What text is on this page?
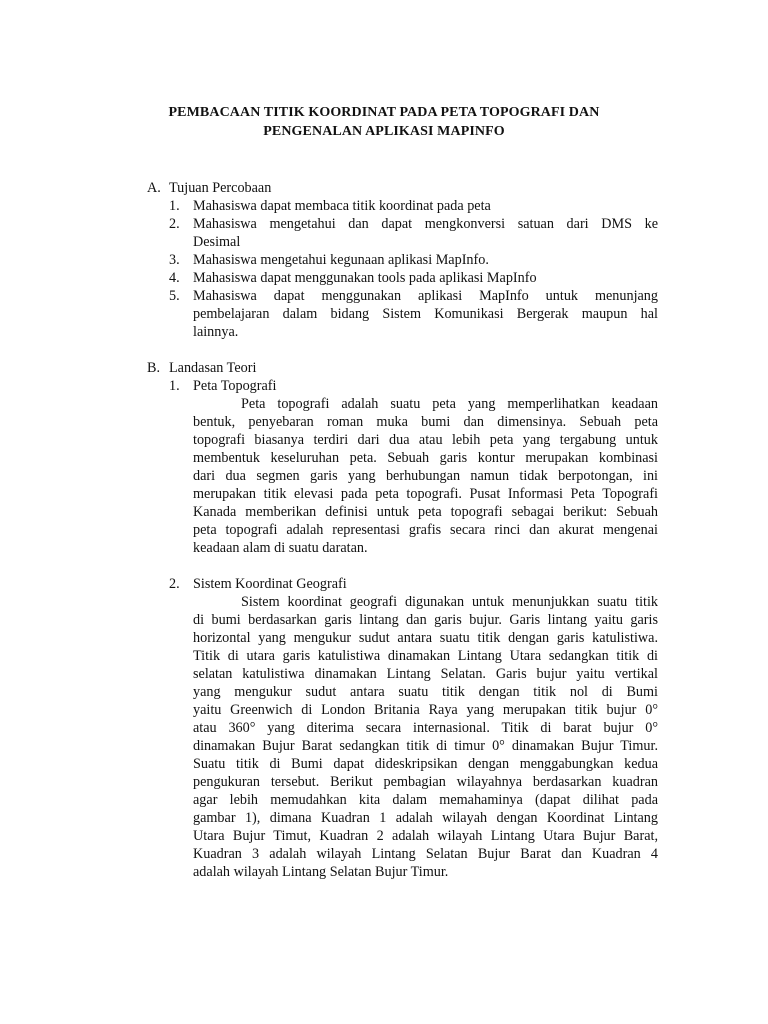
PEMBACAAN TITIK KOORDINAT PADA PETA TOPOGRAFI DAN
PENGENALAN APLIKASI MAPINFO
A. Tujuan Percobaan
1. Mahasiswa dapat membaca titik koordinat pada peta
2. Mahasiswa mengetahui dan dapat mengkonversi satuan dari DMS ke
Desimal
3. Mahasiswa mengetahui kegunaan aplikasi MapInfo.
4. Mahasiswa dapat menggunakan tools pada aplikasi MapInfo
5. Mahasiswa dapat menggunakan aplikasi MapInfo untuk menunjang
pembelajaran dalam bidang Sistem Komunikasi Bergerak maupun hal
lainnya.
B. Landasan Teori
1. Peta Topografi
Peta topografi adalah suatu peta yang memperlihatkan keadaan
bentuk, penyebaran roman muka bumi dan dimensinya. Sebuah peta
topografi biasanya terdiri dari dua atau lebih peta yang tergabung untuk
membentuk keseluruhan peta. Sebuah garis kontur merupakan kombinasi
dari dua segmen garis yang berhubungan namun tidak berpotongan, ini
merupakan titik elevasi pada peta topografi. Pusat Informasi Peta Topografi
Kanada memberikan definisi untuk peta topografi sebagai berikut: Sebuah
peta topografi adalah representasi grafis secara rinci dan akurat mengenai
keadaan alam di suatu daratan.
2. Sistem Koordinat Geografi
Sistem koordinat geografi digunakan untuk menunjukkan suatu titik
di bumi berdasarkan garis lintang dan garis bujur. Garis lintang yaitu garis
horizontal yang mengukur sudut antara suatu titik dengan garis katulistiwa.
Titik di utara garis katulistiwa dinamakan Lintang Utara sedangkan titik di
selatan katulistiwa dinamakan Lintang Selatan. Garis bujur yaitu vertikal
yang mengukur sudut antara suatu titik dengan titik nol di Bumi
yaitu Greenwich di London Britania Raya yang merupakan titik bujur 0°
atau 360° yang diterima secara internasional. Titik di barat bujur 0°
dinamakan Bujur Barat sedangkan titik di timur 0° dinamakan Bujur Timur.
Suatu titik di Bumi dapat dideskripsikan dengan menggabungkan kedua
pengukuran tersebut. Berikut pembagian wilayahnya berdasarkan kuadran
agar lebih memudahkan kita dalam memahaminya (dapat dilihat pada
gambar 1), dimana Kuadran 1 adalah wilayah dengan Koordinat Lintang
Utara Bujur Timut, Kuadran 2 adalah wilayah Lintang Utara Bujur Barat,
Kuadran 3 adalah wilayah Lintang Selatan Bujur Barat dan Kuadran 4
adalah wilayah Lintang Selatan Bujur Timur.
